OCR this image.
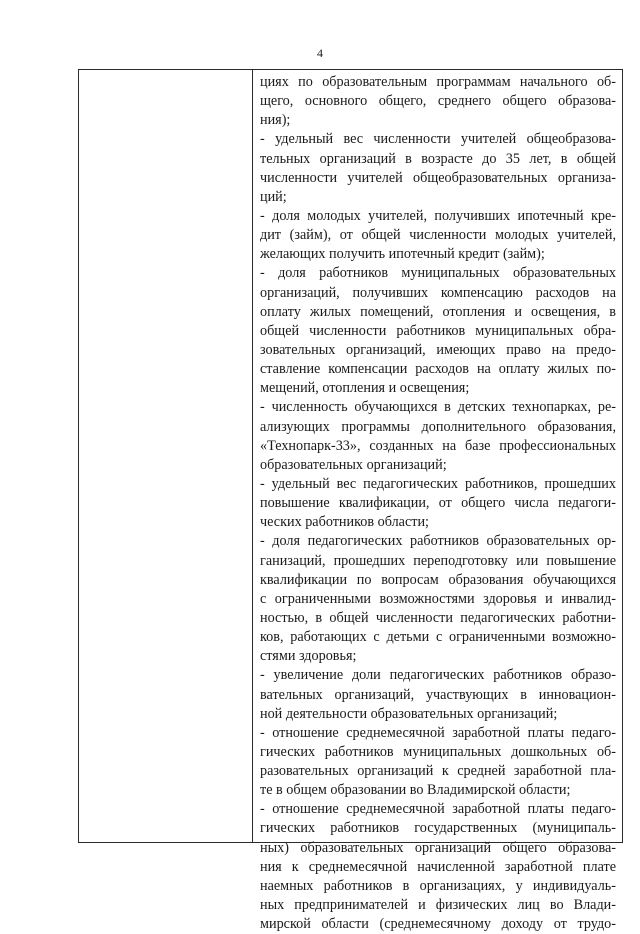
4
циях по образовательным программам начального об-
щего, основного общего, среднего общего образова-
ния);
- удельный вес численности учителей общеобразова-
тельных организаций в возрасте до 35 лет, в общей
численности учителей общеобразовательных организа-
ций;
- доля молодых учителей, получивших ипотечный кре-
дит (займ), от общей численности молодых учителей,
желающих получить ипотечный кредит (займ);
- доля работников муниципальных образовательных
организаций, получивших компенсацию расходов на
оплату жилых помещений, отопления и освещения, в
общей численности работников муниципальных обра-
зовательных организаций, имеющих право на предо-
ставление компенсации расходов на оплату жилых по-
мещений, отопления и освещения;
- численность обучающихся в детских технопарках, ре-
ализующих программы дополнительного образования,
«Технопарк-33», созданных на базе профессиональных
образовательных организаций;
- удельный вес педагогических работников, прошедших
повышение квалификации, от общего числа педагоги-
ческих работников области;
- доля педагогических работников образовательных ор-
ганизаций, прошедших переподготовку или повышение
квалификации по вопросам образования обучающихся
с ограниченными возможностями здоровья и инвалид-
ностью, в общей численности педагогических работни-
ков, работающих с детьми с ограниченными возможно-
стями здоровья;
- увеличение доли педагогических работников образо-
вательных организаций, участвующих в инновацион-
ной деятельности образовательных организаций;
- отношение среднемесячной заработной платы педаго-
гических работников муниципальных дошкольных об-
разовательных организаций к средней заработной пла-
те в общем образовании во Владимирской области;
- отношение среднемесячной заработной платы педаго-
гических работников государственных (муниципаль-
ных) образовательных организаций общего образова-
ния к среднемесячной начисленной заработной плате
наемных работников в организациях, у индивидуаль-
ных предпринимателей и физических лиц во Влади-
мирской области (среднемесячному доходу от трудо-
